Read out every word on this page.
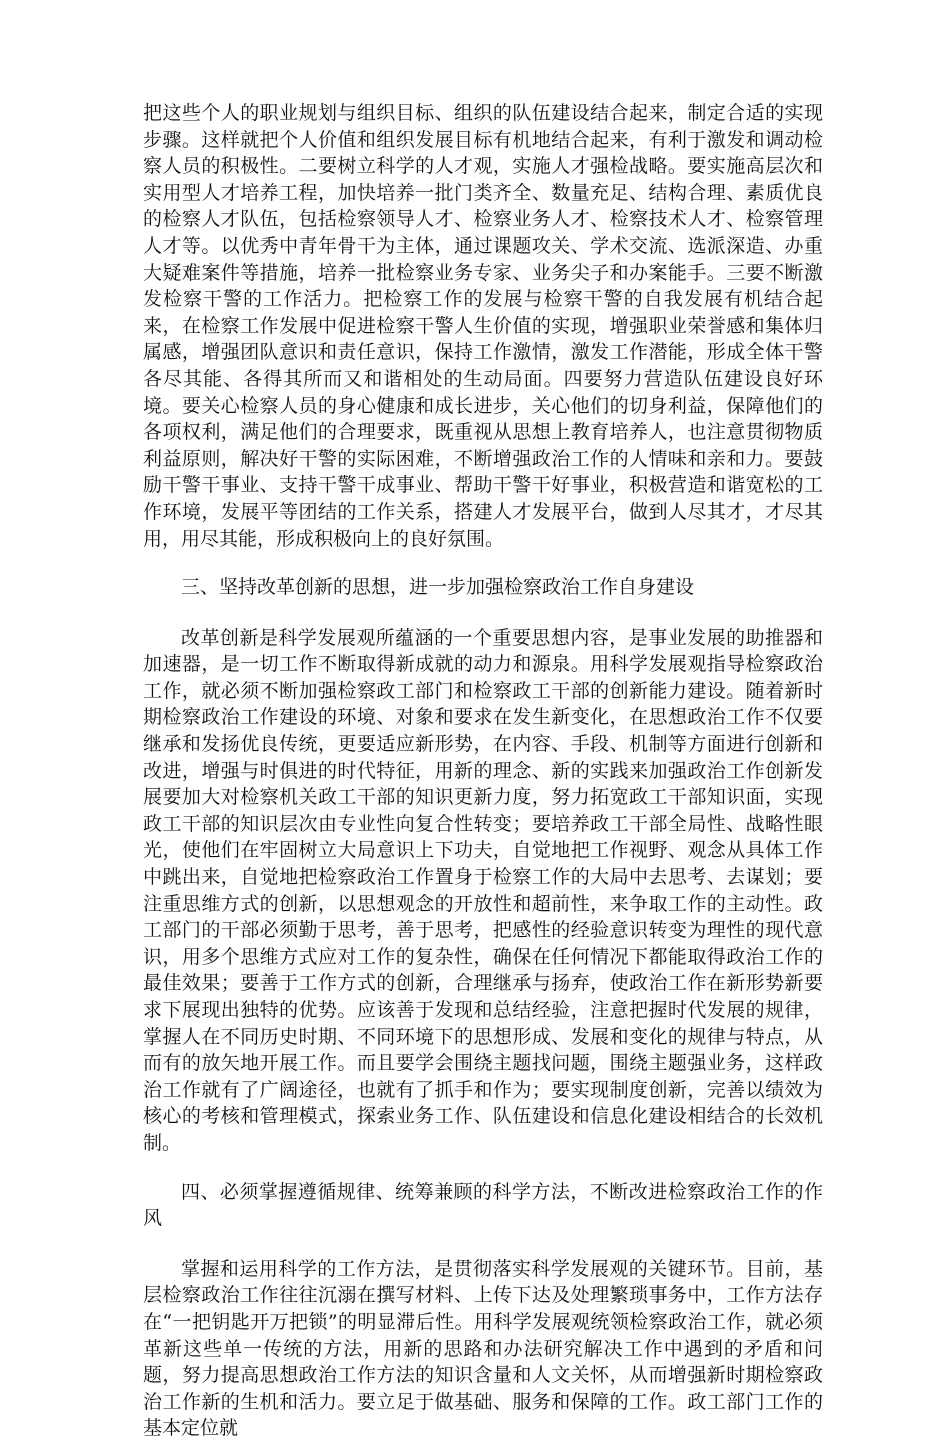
把这些个人的职业规划与组织目标、组织的队伍建设结合起来，制定合适的实现步骤。这样就把个人价值和组织发展目标有机地结合起来，有利于激发和调动检察人员的积极性。二要树立科学的人才观，实施人才强检战略。要实施高层次和实用型人才培养工程，加快培养一批门类齐全、数量充足、结构合理、素质优良的检察人才队伍，包括检察领导人才、检察业务人才、检察技术人才、检察管理人才等。以优秀中青年骨干为主体，通过课题攻关、学术交流、选派深造、办重大疑难案件等措施，培养一批检察业务专家、业务尖子和办案能手。三要不断激发检察干警的工作活力。把检察工作的发展与检察干警的自我发展有机结合起来，在检察工作发展中促进检察干警人生价值的实现，增强职业荣誉感和集体归属感，增强团队意识和责任意识，保持工作激情，激发工作潜能，形成全体干警各尽其能、各得其所而又和谐相处的生动局面。四要努力营造队伍建设良好环境。要关心检察人员的身心健康和成长进步，关心他们的切身利益，保障他们的各项权利，满足他们的合理要求，既重视从思想上教育培养人，也注意贯彻物质利益原则，解决好干警的实际困难，不断增强政治工作的人情味和亲和力。要鼓励干警干事业、支持干警干成事业、帮助干警干好事业，积极营造和谐宽松的工作环境，发展平等团结的工作关系，搭建人才发展平台，做到人尽其才，才尽其用，用尽其能，形成积极向上的良好氛围。

三、坚持改革创新的思想，进一步加强检察政治工作自身建设

改革创新是科学发展观所蕴涵的一个重要思想内容，是事业发展的助推器和加速器，是一切工作不断取得新成就的动力和源泉。用科学发展观指导检察政治工作，就必须不断加强检察政工部门和检察政工干部的创新能力建设。随着新时期检察政治工作建设的环境、对象和要求在发生新变化，在思想政治工作不仅要继承和发扬优良传统，更要适应新形势，在内容、手段、机制等方面进行创新和改进，增强与时俱进的时代特征，用新的理念、新的实践来加强政治工作创新发展要加大对检察机关政工干部的知识更新力度，努力拓宽政工干部知识面，实现政工干部的知识层次由专业性向复合性转变；要培养政工干部全局性、战略性眼光，使他们在牢固树立大局意识上下功夫，自觉地把工作视野、观念从具体工作中跳出来，自觉地把检察政治工作置身于检察工作的大局中去思考、去谋划；要注重思维方式的创新，以思想观念的开放性和超前性，来争取工作的主动性。政工部门的干部必须勤于思考，善于思考，把感性的经验意识转变为理性的现代意识，用多个思维方式应对工作的复杂性，确保在任何情况下都能取得政治工作的最佳效果；要善于工作方式的创新，合理继承与扬弃，使政治工作在新形势新要求下展现出独特的优势。应该善于发现和总结经验，注意把握时代发展的规律，掌握人在不同历史时期、不同环境下的思想形成、发展和变化的规律与特点，从而有的放矢地开展工作。而且要学会围绕主题找问题，围绕主题强业务，这样政治工作就有了广阔途径，也就有了抓手和作为；要实现制度创新，完善以绩效为核心的考核和管理模式，探索业务工作、队伍建设和信息化建设相结合的长效机制。

四、必须掌握遵循规律、统筹兼顾的科学方法，不断改进检察政治工作的作风

掌握和运用科学的工作方法，是贯彻落实科学发展观的关键环节。目前，基层检察政治工作往往沉溺在撰写材料、上传下达及处理繁琐事务中，工作方法存在“一把钥匙开万把锁”的明显滞后性。用科学发展观统领检察政治工作，就必须革新这些单一传统的方法，用新的思路和办法研究解决工作中遇到的矛盾和问题，努力提高思想政治工作方法的知识含量和人文关怀，从而增强新时期检察政治工作新的生机和活力。要立足于做基础、服务和保障的工作。政工部门工作的基本定位就
